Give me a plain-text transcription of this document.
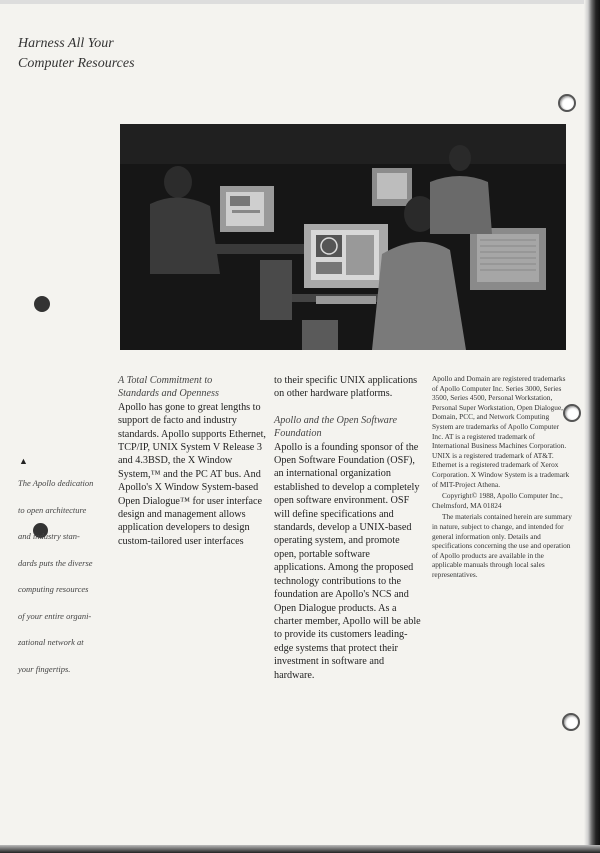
Harness All Your
Computer Resources
▲
The Apollo dedication
to open architecture
and industry stan-
dards puts the diverse
computing resources
of your entire organi-
zational network at
your fingertips.
A Total Commitment to
Standards and Openness

Apollo has gone to great lengths to support de facto and industry standards. Apollo supports Ethernet, TCP/IP, UNIX System V Release 3 and 4.3BSD, the X Window System,™ and the PC AT bus. And Apollo's X Window System-based Open Dialogue™ for user interface design and management allows application developers to design custom-tailored user interfaces

to their specific UNIX applications on other hardware platforms.

Apollo and the Open Software
Foundation

Apollo is a founding sponsor of the Open Software Foundation (OSF), an international organization established to develop a completely open software environment. OSF will define specifications and standards, develop a UNIX-based operating system, and promote open, portable software applications. Among the proposed technology contributions to the foundation are Apollo's NCS and Open Dialogue products. As a charter member, Apollo will be able to provide its customers leading-edge systems that protect their investment in software and hardware.

Apollo and Domain are registered trademarks of Apollo Computer Inc. Series 3000, Series 3500, Series 4500, Personal Workstation, Personal Super Workstation, Open Dialogue, Domain, PCC, and Network Computing System are trademarks of Apollo Computer Inc. AT is a registered trademark of International Business Machines Corporation. UNIX is a registered trademark of AT&T. Ethernet is a registered trademark of Xerox Corporation. X Window System is a trademark of MIT-Project Athena.

Copyright© 1988, Apollo Computer Inc., Chelmsford, MA 01824

The materials contained herein are summary in nature, subject to change, and intended for general information only. Details and specifications concerning the use and operation of Apollo products are available in the applicable manuals through local sales representatives.
